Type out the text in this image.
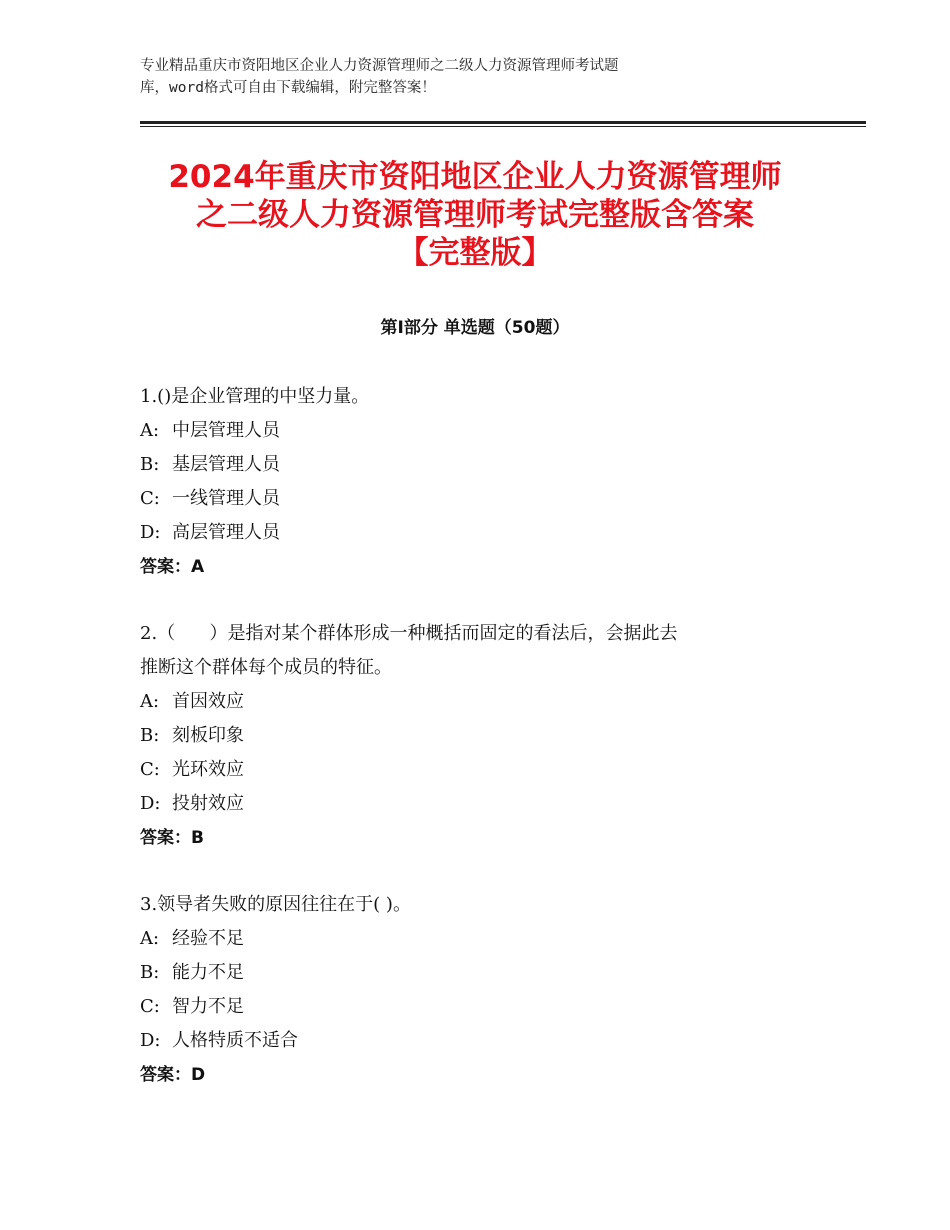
专业精品重庆市资阳地区企业人力资源管理师之二级人力资源管理师考试题

库，word格式可自由下载编辑，附完整答案！

2024年重庆市资阳地区企业人力资源管理师

之二级人力资源管理师考试完整版含答案

【完整版】

第Ⅰ部分 单选题（50题）

1.()是企业管理的中坚力量。

A: 中层管理人员

B: 基层管理人员

C: 一线管理人员

D: 高层管理人员

答案：A

2.（      ）是指对某个群体形成一种概括而固定的看法后，会据此去

推断这个群体每个成员的特征。

A: 首因效应

B: 刻板印象

C: 光环效应

D: 投射效应

答案：B

3.领导者失败的原因往往在于( )。

A: 经验不足

B: 能力不足

C: 智力不足

D: 人格特质不适合

答案：D
